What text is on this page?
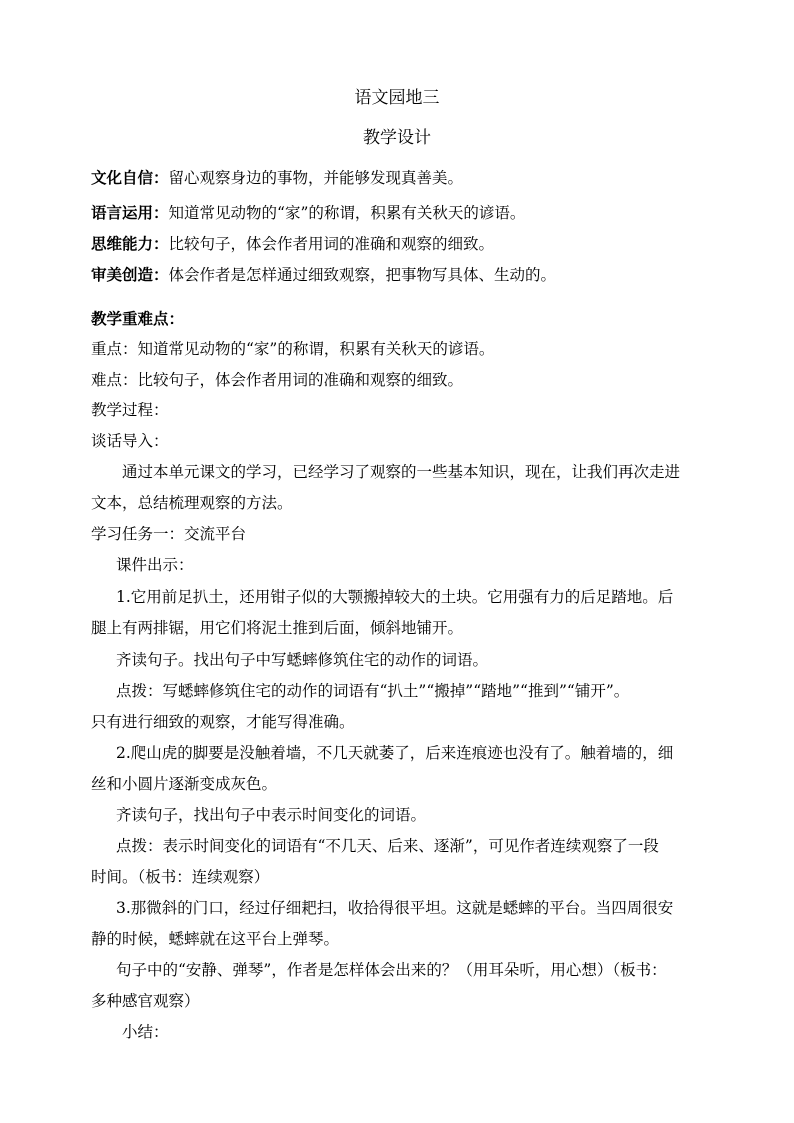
语文园地三
教学设计
文化自信：留心观察身边的事物，并能够发现真善美。
语言运用：知道常见动物的“家”的称谓，积累有关秋天的谚语。
思维能力：比较句子，体会作者用词的准确和观察的细致。
审美创造：体会作者是怎样通过细致观察，把事物写具体、生动的。
教学重难点：
重点：知道常见动物的“家”的称谓，积累有关秋天的谚语。
难点：比较句子，体会作者用词的准确和观察的细致。
教学过程：
谈话导入：
通过本单元课文的学习，已经学习了观察的一些基本知识，现在，让我们再次走进
文本，总结梳理观察的方法。
学习任务一：交流平台
课件出示：
1.它用前足扒土，还用钳子似的大颚搬掉较大的土块。它用强有力的后足踏地。后
腿上有两排锯，用它们将泥土推到后面，倾斜地铺开。
齐读句子。找出句子中写蟋蟀修筑住宅的动作的词语。
点拨：写蟋蟀修筑住宅的动作的词语有“扒土”“搬掉”“踏地”“推到”“铺开”。
只有进行细致的观察，才能写得准确。
2.爬山虎的脚要是没触着墙，不几天就萎了，后来连痕迹也没有了。触着墙的，细
丝和小圆片逐渐变成灰色。
齐读句子，找出句子中表示时间变化的词语。
点拨：表示时间变化的词语有“不几天、后来、逐渐”，可见作者连续观察了一段
时间。（板书：连续观察）
3.那微斜的门口，经过仔细耙扫，收拾得很平坦。这就是蟋蟀的平台。当四周很安
静的时候，蟋蟀就在这平台上弹琴。
句子中的“安静、弹琴”，作者是怎样体会出来的？（用耳朵听，用心想）（板书：
多种感官观察）
小结：
